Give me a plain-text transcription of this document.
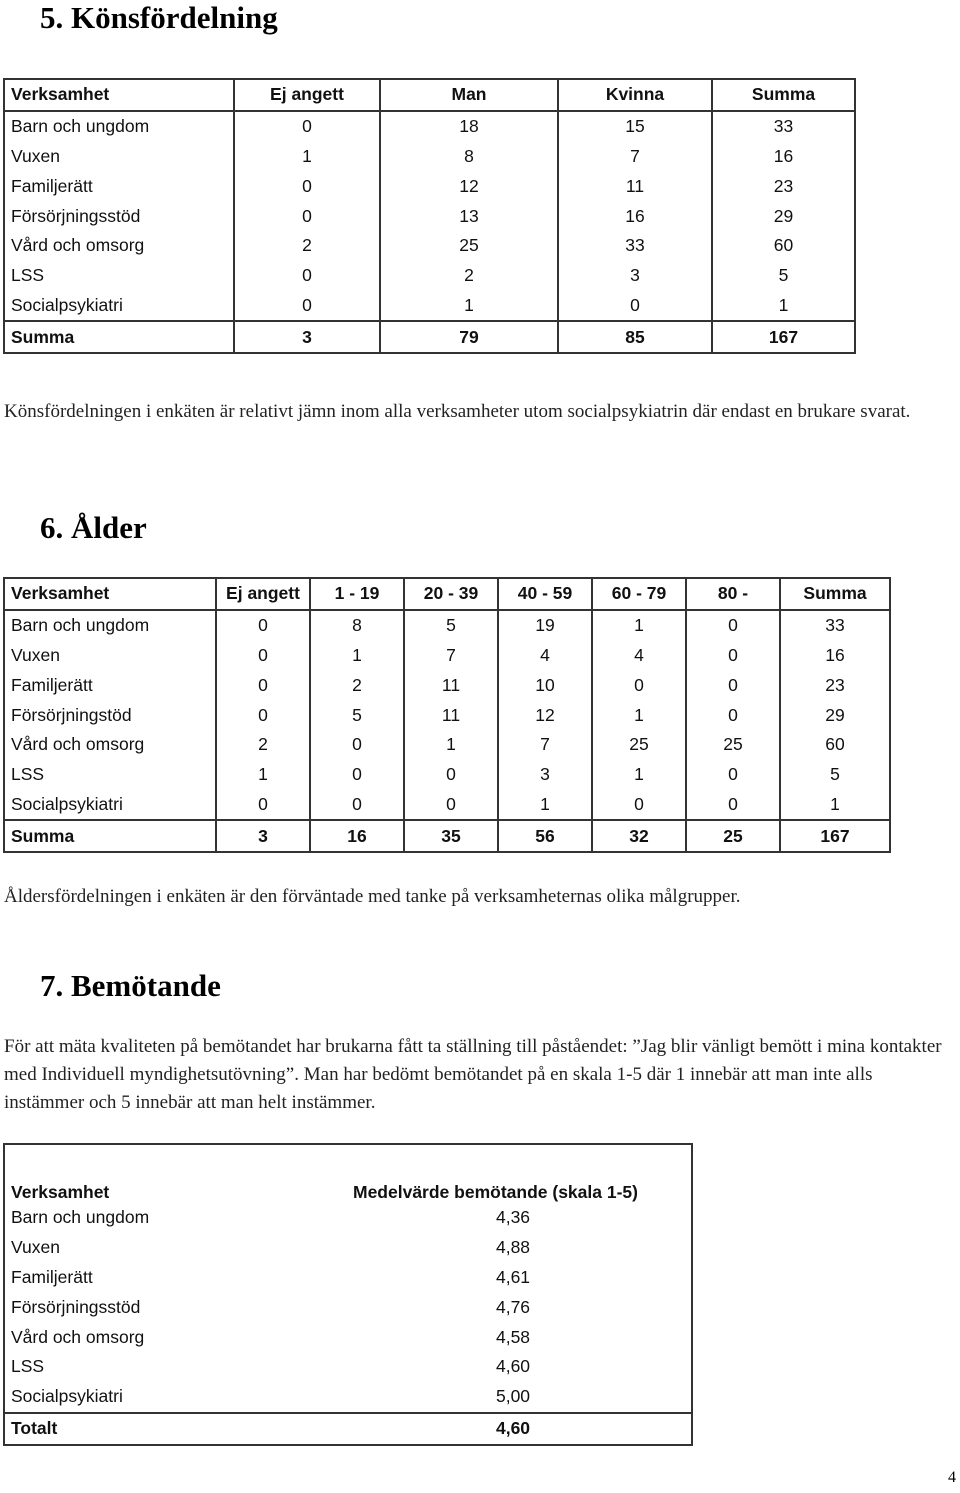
5. Könsfördelning
Verksamhet	Ej angett	Man	Kvinna	Summa
Barn och ungdom	0	18	15	33
Vuxen	1	8	7	16
Familjerätt	0	12	11	23
Försörjningsstöd	0	13	16	29
Vård och omsorg	2	25	33	60
LSS	0	2	3	5
Socialpsykiatri	0	1	0	1
Summa	3	79	85	167
Könsfördelningen i enkäten är relativt jämn inom alla verksamheter utom socialpsykiatrin där endast en brukare svarat.
6. Ålder
Verksamhet	Ej angett	1 - 19	20 - 39	40 - 59	60 - 79	80 -	Summa
Barn och ungdom	0	8	5	19	1	0	33
Vuxen	0	1	7	4	4	0	16
Familjerätt	0	2	11	10	0	0	23
Försörjningstöd	0	5	11	12	1	0	29
Vård och omsorg	2	0	1	7	25	25	60
LSS	1	0	0	3	1	0	5
Socialpsykiatri	0	0	0	1	0	0	1
Summa	3	16	35	56	32	25	167
Åldersfördelningen i enkäten är den förväntade med tanke på verksamheternas olika målgrupper.
7. Bemötande
För att mäta kvaliteten på bemötandet har brukarna fått ta ställning till påståendet: ”Jag blir vänligt bemött i mina kontakter med Individuell myndighetsutövning”. Man har bedömt bemötandet på en skala 1-5 där 1 innebär att man inte alls instämmer och 5 innebär att man helt instämmer.
Verksamhet	Medelvärde bemötande (skala 1-5)
Barn och ungdom	4,36
Vuxen	4,88
Familjerätt	4,61
Försörjningsstöd	4,76
Vård och omsorg	4,58
LSS	4,60
Socialpsykiatri	5,00
Totalt	4,60
4
